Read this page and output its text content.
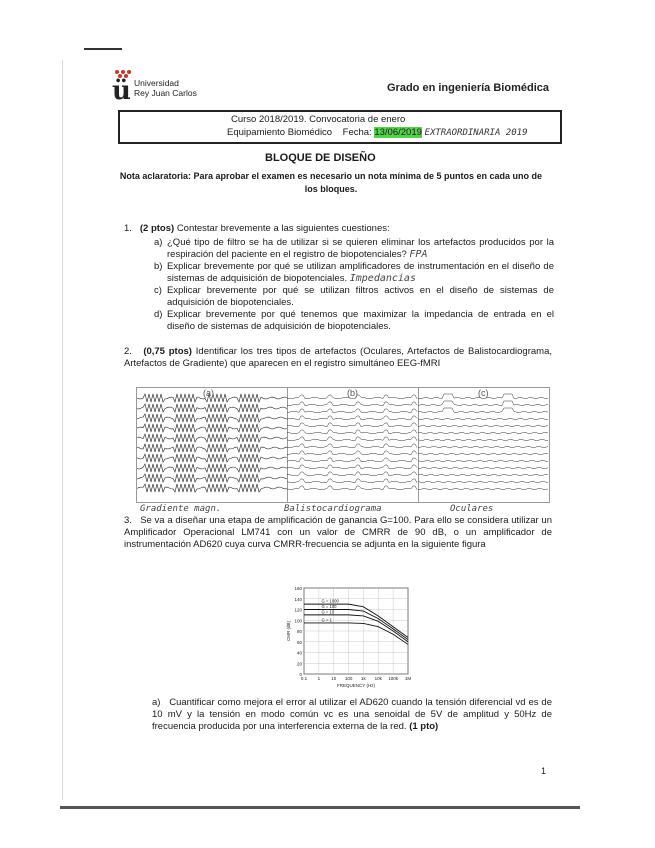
ü Universidad
Rey Juan Carlos	Grado en ingeniería Biomédica
Curso 2018/2019. Convocatoria de enero
Equipamiento Biomédico Fecha: 13/06/2019 EXTRAORDINARIA 2019
BLOQUE DE DISEÑO
Nota aclaratoria: Para aprobar el examen es necesario un nota mínima de 5 puntos en cada uno de los bloques.
1. (2 ptos) Contestar brevemente a las siguientes cuestiones:
a) ¿Qué tipo de filtro se ha de utilizar si se quieren eliminar los artefactos producidos por la respiración del paciente en el registro de biopotenciales? FPA
b) Explicar brevemente por qué se utilizan amplificadores de instrumentación en el diseño de sistemas de adquisición de biopotenciales. Impedancias
c) Explicar brevemente por qué se utilizan filtros activos en el diseño de sistemas de adquisición de biopotenciales.
d) Explicar brevemente por qué tenemos que maximizar la impedancia de entrada en el diseño de sistemas de adquisición de biopotenciales.
2. (0,75 ptos) Identificar los tres tipos de artefactos (Oculares, Artefactos de Balistocardiograma, Artefactos de Gradiente) que aparecen en el registro simultáneo EEG-fMRI
(a)	(b)	(c)
Gradiente magn.	Balistocardiograma	Oculares
3. Se va a diseñar una etapa de amplificación de ganancia G=100. Para ello se considera utilizar un Amplificador Operacional LM741 con un valor de CMRR de 90 dB, o un amplificador de instrumentación AD620 cuya curva CMRR-frecuencia se adjunta en la siguiente figura
0
20
40
60
80
100
120
140
160
0.1 1 10 100 1k 10k 100k 1M
FREQUENCY (Hz)
CMR (dB)
G = 1000
G = 100
G = 10
G = 1
a) Cuantificar como mejora el error al utilizar el AD620 cuando la tensión diferencial vd es de 10 mV y la tensión en modo común vc es una senoidal de 5V de amplitud y 50Hz de frecuencia producida por una interferencia externa de la red. (1 pto)
1
